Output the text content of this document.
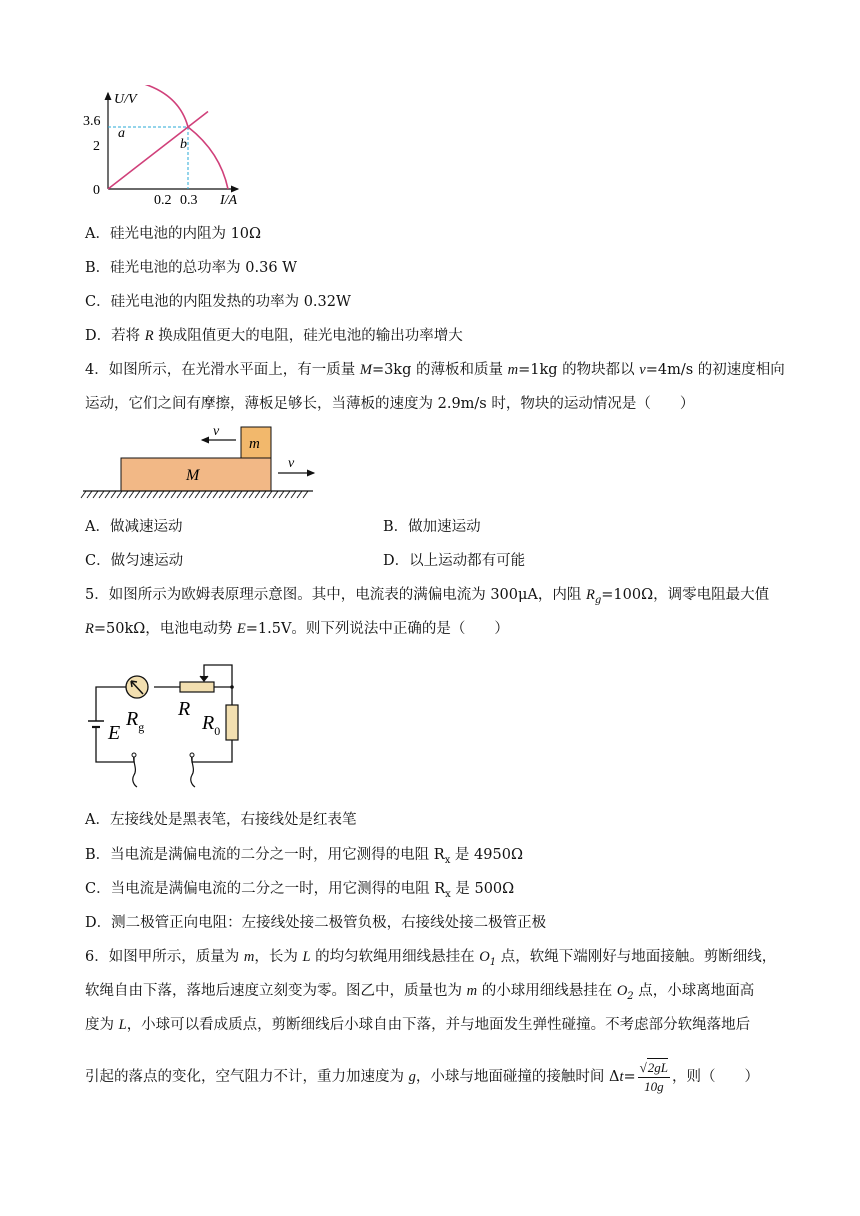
U/V
I/A
3.6
2
0
0.2 0.3
a
b
A．硅光电池的内阻为 10Ω
B．硅光电池的总功率为 0.36 W
C．硅光电池的内阻发热的功率为 0.32W
D．若将 R 换成阻值更大的电阻，硅光电池的输出功率增大
4．如图所示，在光滑水平面上，有一质量 M=3kg 的薄板和质量 m=1kg 的物块都以 v=4m/s 的初速度相向
运动，它们之间有摩擦，薄板足够长，当薄板的速度为 2.9m/s 时，物块的运动情况是（　　）
m
M
v
v
A．做减速运动	B．做加速运动
C．做匀速运动	D．以上运动都有可能
5．如图所示为欧姆表原理示意图。其中，电流表的满偏电流为 300μA，内阻 $R_g=100\Omega$，调零电阻最大值
R=50kΩ，电池电动势 E=1.5V。则下列说法中正确的是（　　）
$R_g$
R
$R_0$
E
A．左接线处是黑表笔，右接线处是红表笔
B．当电流是满偏电流的二分之一时，用它测得的电阻 $R_x$ 是 4950Ω
C．当电流是满偏电流的二分之一时，用它测得的电阻 $R_x$ 是 500Ω
D．测二极管正向电阻：左接线处接二极管负极，右接线处接二极管正极
6．如图甲所示，质量为 m，长为 L 的均匀软绳用细线悬挂在 $O_1$ 点，软绳下端刚好与地面接触。剪断细线，
软绳自由下落，落地后速度立刻变为零。图乙中，质量也为 m 的小球用细线悬挂在 $O_2$ 点，小球离地面高
度为 L，小球可以看成质点，剪断细线后小球自由下落，并与地面发生弹性碰撞。不考虑部分软绳落地后
引起的落点的变化，空气阻力不计，重力加速度为 g，小球与地面碰撞的接触时间 $\Delta t= \frac{√2gL}{10g}$ ，则（　　）
